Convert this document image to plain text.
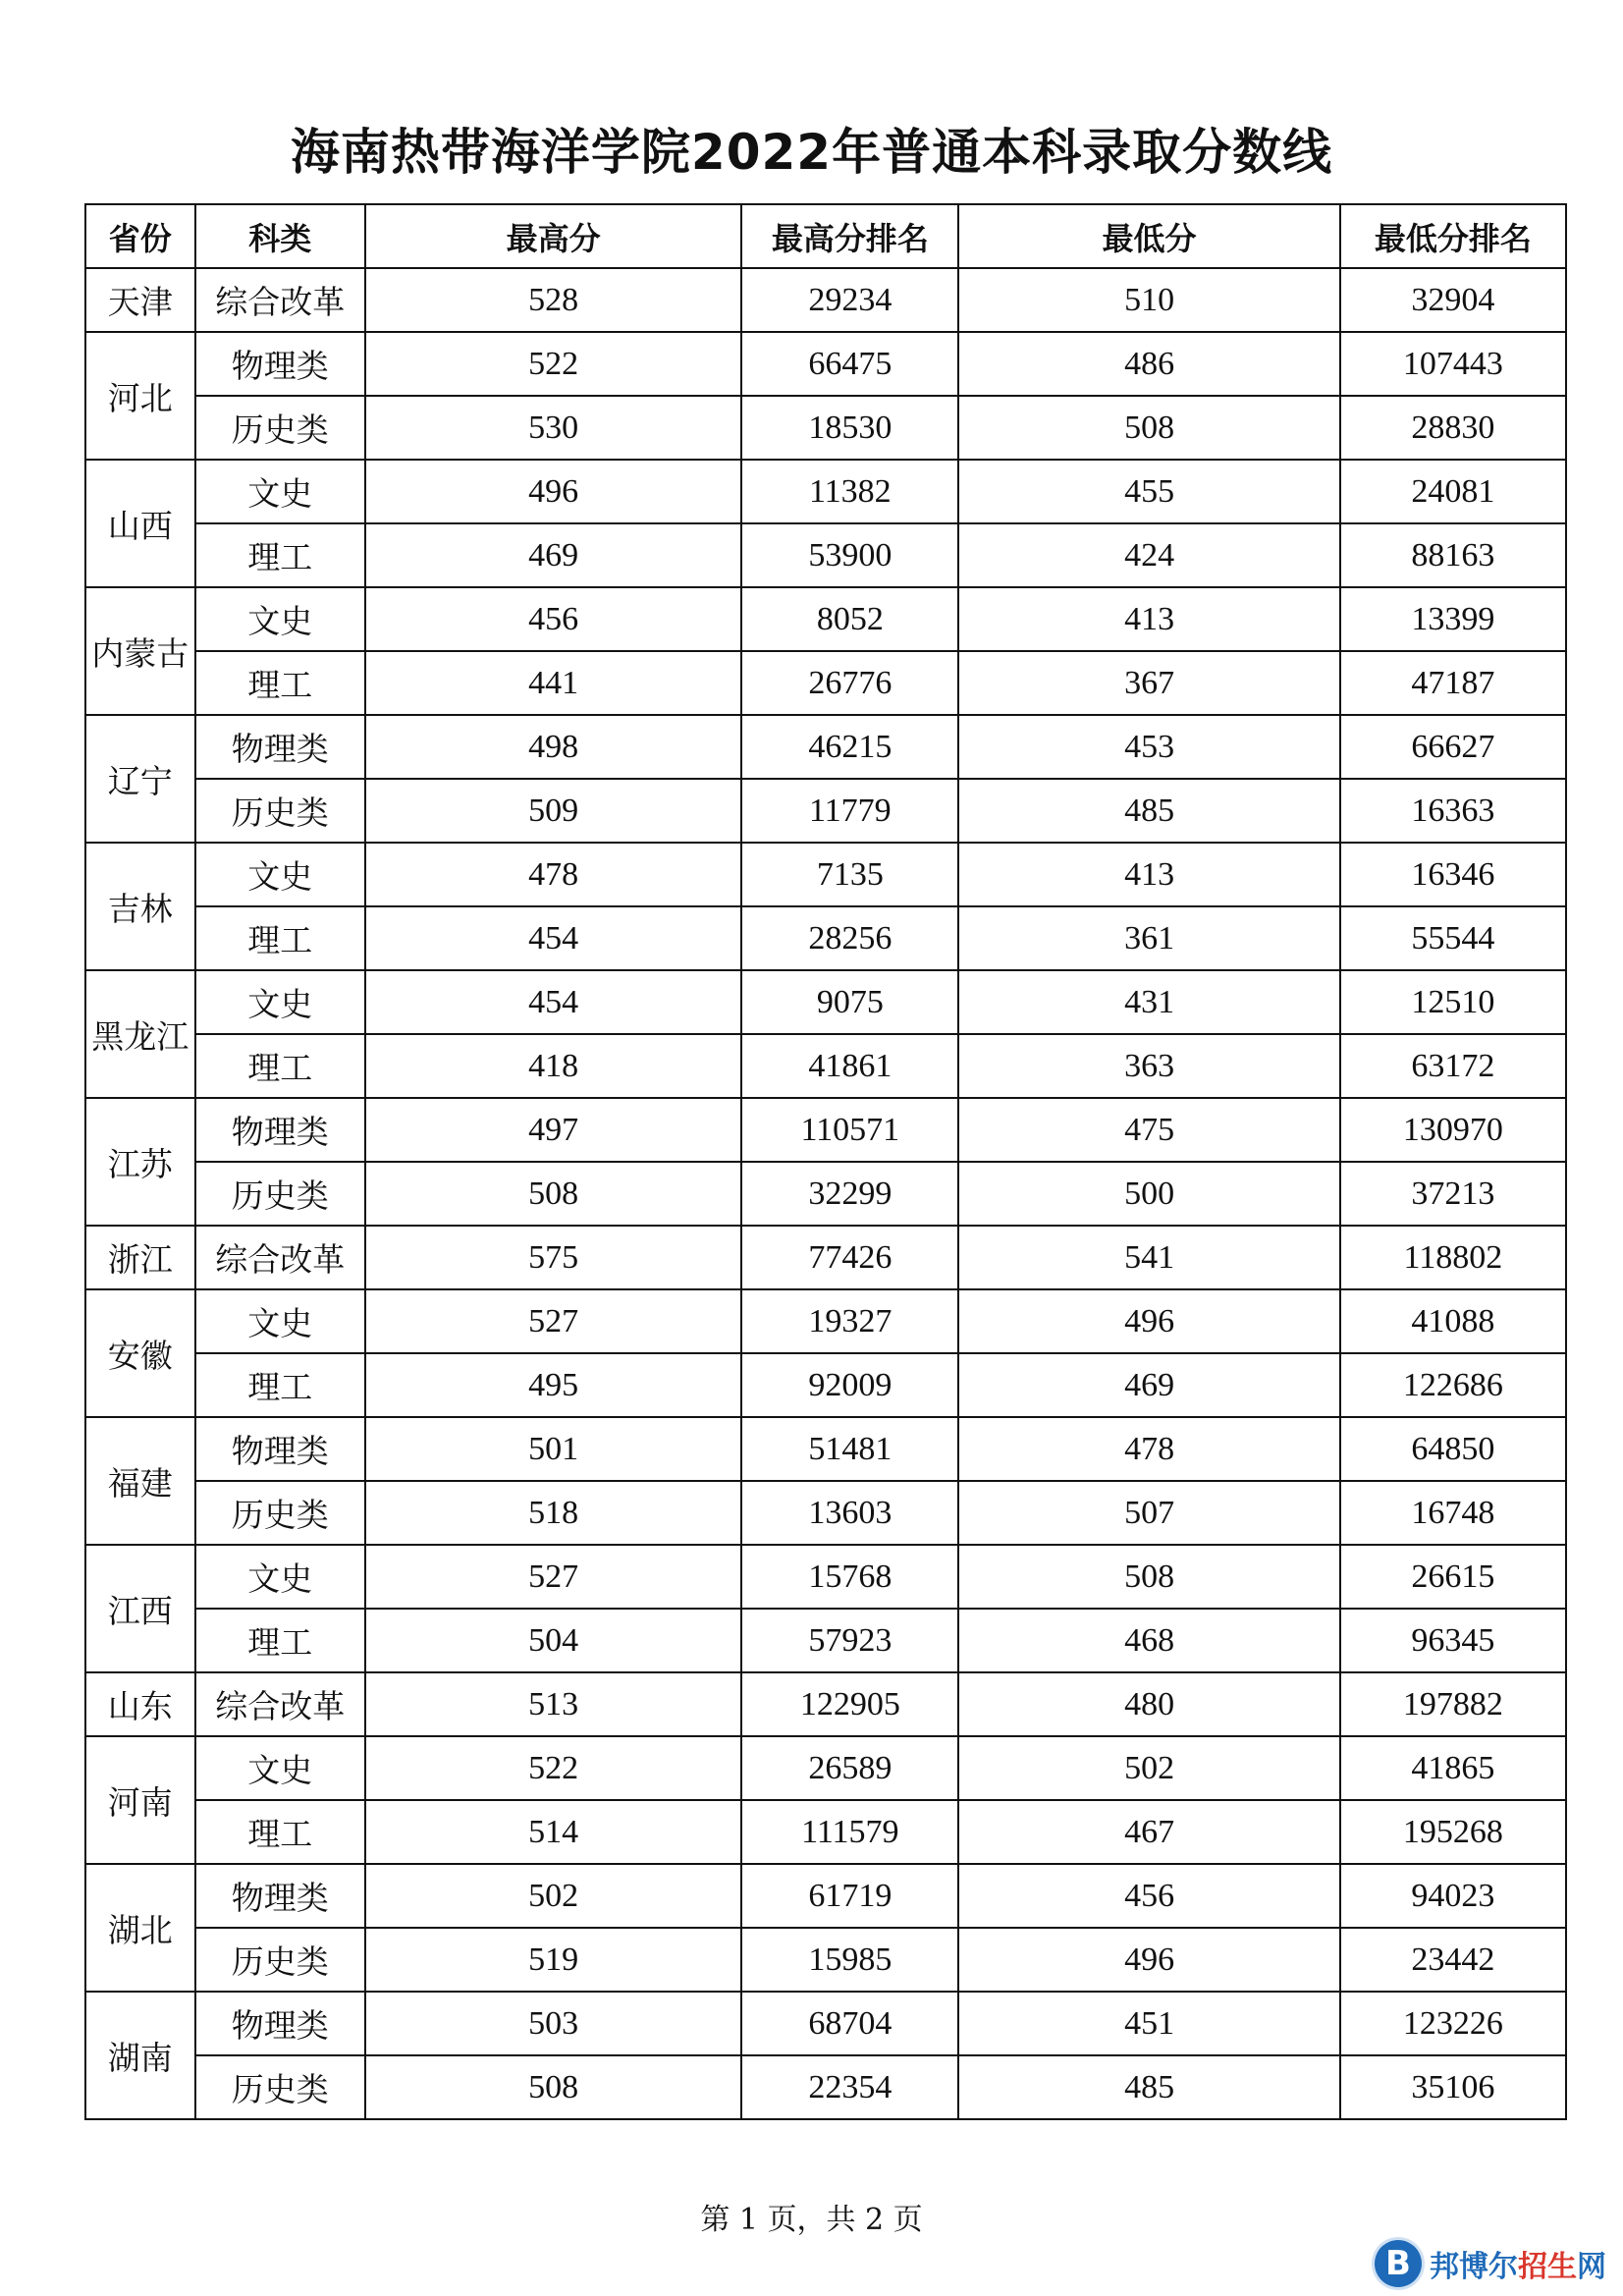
海南热带海洋学院2022年普通本科录取分数线
省份	科类	最高分	最高分排名	最低分	最低分排名
天津	综合改革	528	29234	510	32904
河北	物理类	522	66475	486	107443
	历史类	530	18530	508	28830
山西	文史	496	11382	455	24081
	理工	469	53900	424	88163
内蒙古	文史	456	8052	413	13399
	理工	441	26776	367	47187
辽宁	物理类	498	46215	453	66627
	历史类	509	11779	485	16363
吉林	文史	478	7135	413	16346
	理工	454	28256	361	55544
黑龙江	文史	454	9075	431	12510
	理工	418	41861	363	63172
江苏	物理类	497	110571	475	130970
	历史类	508	32299	500	37213
浙江	综合改革	575	77426	541	118802
安徽	文史	527	19327	496	41088
	理工	495	92009	469	122686
福建	物理类	501	51481	478	64850
	历史类	518	13603	507	16748
江西	文史	527	15768	508	26615
	理工	504	57923	468	96345
山东	综合改革	513	122905	480	197882
河南	文史	522	26589	502	41865
	理工	514	111579	467	195268
湖北	物理类	502	61719	456	94023
	历史类	519	15985	496	23442
湖南	物理类	503	68704	451	123226
	历史类	508	22354	485	35106
第 1 页，共 2 页
B 邦博尔招生网
